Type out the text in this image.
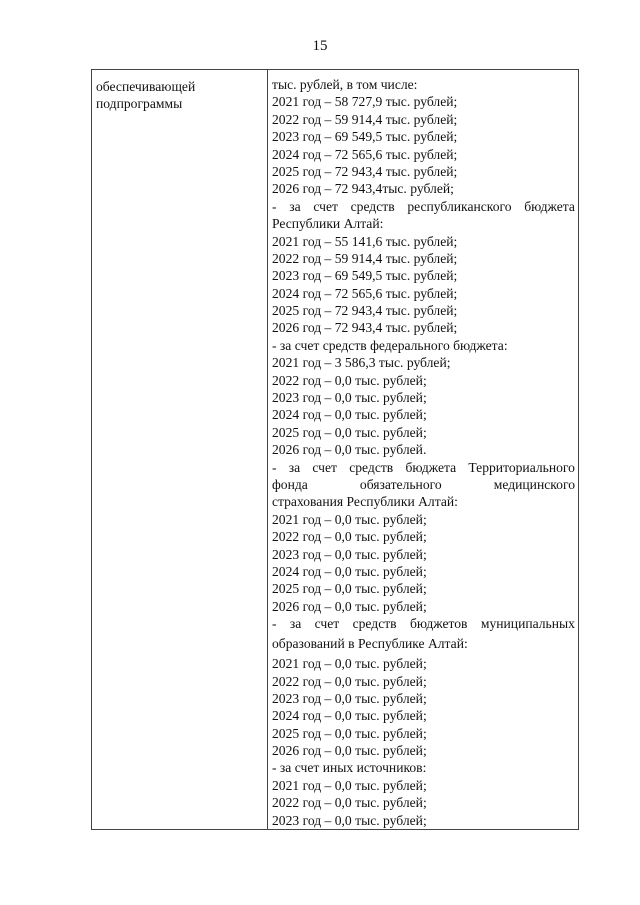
15
обеспечивающей
подпрограммы
тыс. рублей, в том числе:
2021 год – 58 727,9 тыс. рублей;
2022 год – 59 914,4 тыс. рублей;
2023 год – 69 549,5 тыс. рублей;
2024 год – 72 565,6 тыс. рублей;
2025 год – 72 943,4 тыс. рублей;
2026 год – 72 943,4тыс. рублей;
- за счет средств республиканского бюджета
Республики Алтай:
2021 год – 55 141,6 тыс. рублей;
2022 год – 59 914,4 тыс. рублей;
2023 год – 69 549,5 тыс. рублей;
2024 год – 72 565,6 тыс. рублей;
2025 год – 72 943,4 тыс. рублей;
2026 год – 72 943,4 тыс. рублей;
- за счет средств федерального бюджета:
2021 год – 3 586,3 тыс. рублей;
2022 год – 0,0 тыс. рублей;
2023 год – 0,0 тыс. рублей;
2024 год – 0,0 тыс. рублей;
2025 год – 0,0 тыс. рублей;
2026 год – 0,0 тыс. рублей.
- за счет средств бюджета Территориального
фонда	обязательного	медицинского
страхования Республики Алтай:
2021 год – 0,0 тыс. рублей;
2022 год – 0,0 тыс. рублей;
2023 год – 0,0 тыс. рублей;
2024 год – 0,0 тыс. рублей;
2025 год – 0,0 тыс. рублей;
2026 год – 0,0 тыс. рублей;
- за счет средств бюджетов муниципальных
образований в Республике Алтай:
2021 год – 0,0 тыс. рублей;
2022 год – 0,0 тыс. рублей;
2023 год – 0,0 тыс. рублей;
2024 год – 0,0 тыс. рублей;
2025 год – 0,0 тыс. рублей;
2026 год – 0,0 тыс. рублей;
- за счет иных источников:
2021 год – 0,0 тыс. рублей;
2022 год – 0,0 тыс. рублей;
2023 год – 0,0 тыс. рублей;
